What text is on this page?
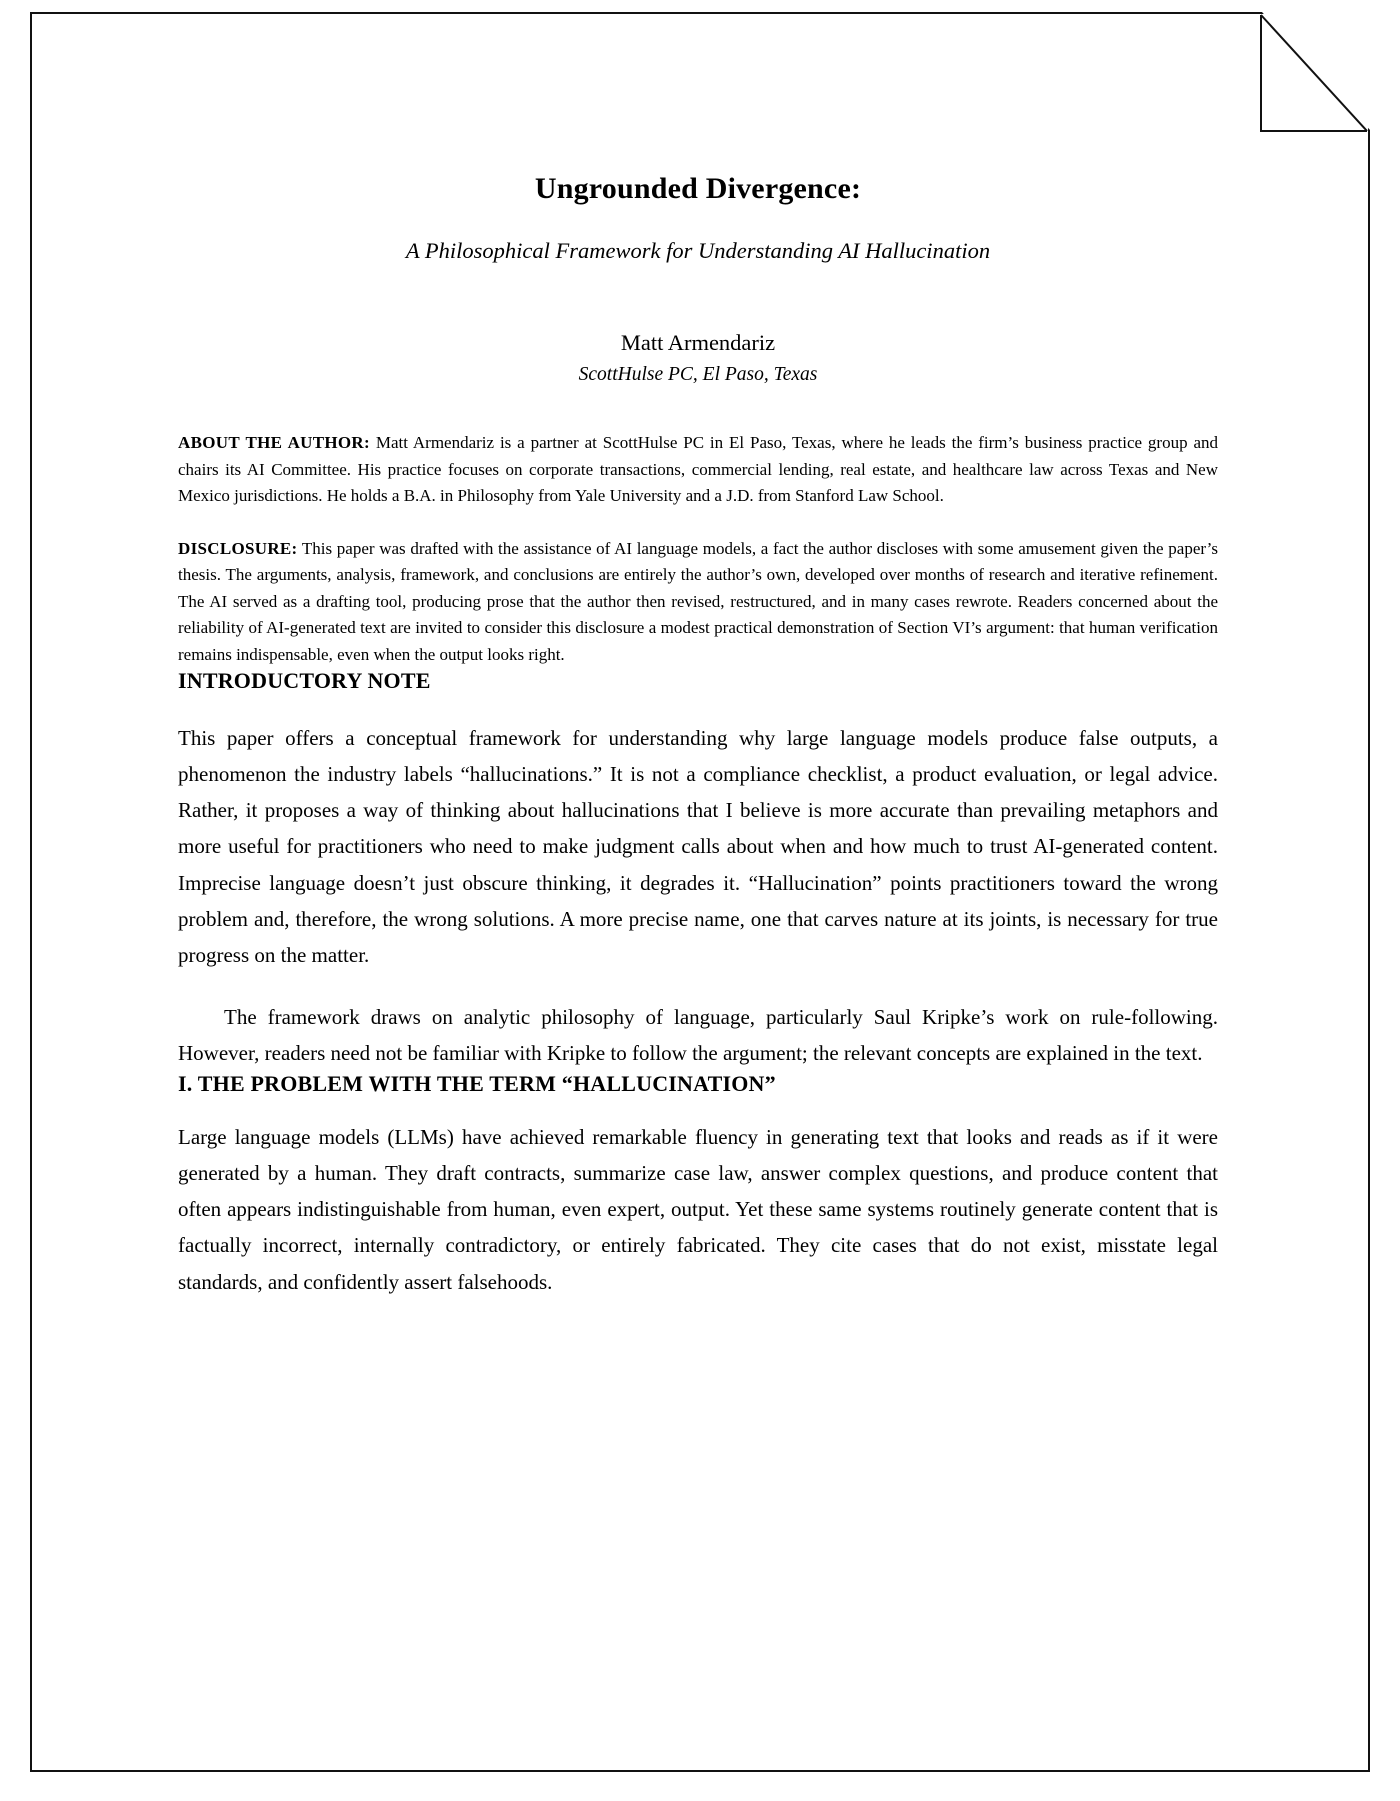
Ungrounded Divergence:
A Philosophical Framework for Understanding AI Hallucination
Matt Armendariz
ScottHulse PC, El Paso, Texas
ABOUT THE AUTHOR: Matt Armendariz is a partner at ScottHulse PC in El Paso, Texas, where he leads the firm’s business practice group and chairs its AI Committee. His practice focuses on corporate transactions, commercial lending, real estate, and healthcare law across Texas and New Mexico jurisdictions. He holds a B.A. in Philosophy from Yale University and a J.D. from Stanford Law School.
DISCLOSURE: This paper was drafted with the assistance of AI language models, a fact the author discloses with some amusement given the paper’s thesis. The arguments, analysis, framework, and conclusions are entirely the author’s own, developed over months of research and iterative refinement. The AI served as a drafting tool, producing prose that the author then revised, restructured, and in many cases rewrote. Readers concerned about the reliability of AI-generated text are invited to consider this disclosure a modest practical demonstration of Section VI’s argument: that human verification remains indispensable, even when the output looks right.
INTRODUCTORY NOTE

This paper offers a conceptual framework for understanding why large language models produce false outputs, a phenomenon the industry labels “hallucinations.” It is not a compliance checklist, a product evaluation, or legal advice. Rather, it proposes a way of thinking about hallucinations that I believe is more accurate than prevailing metaphors and more useful for practitioners who need to make judgment calls about when and how much to trust AI-generated content. Imprecise language doesn’t just obscure thinking, it degrades it. “Hallucination” points practitioners toward the wrong problem and, therefore, the wrong solutions. A more precise name, one that carves nature at its joints, is necessary for true progress on the matter.

The framework draws on analytic philosophy of language, particularly Saul Kripke’s work on rule-following. However, readers need not be familiar with Kripke to follow the argument; the relevant concepts are explained in the text.

I. THE PROBLEM WITH THE TERM “HALLUCINATION”

Large language models (LLMs) have achieved remarkable fluency in generating text that looks and reads as if it were generated by a human. They draft contracts, summarize case law, answer complex questions, and produce content that often appears indistinguishable from human, even expert, output. Yet these same systems routinely generate content that is factually incorrect, internally contradictory, or entirely fabricated. They cite cases that do not exist, misstate legal standards, and confidently assert falsehoods.
